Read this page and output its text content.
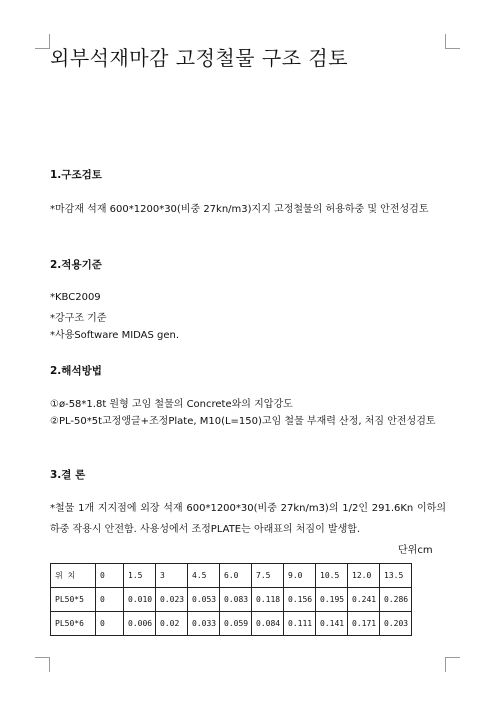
외부석재마감 고정철물 구조 검토
1.구조검토
*마감재 석재 600*1200*30(비중 27kn/m3)지지 고정철물의 허용하중 및 안전성검토
2.적용기준
*KBC2009
*강구조 기준
*사용Software MIDAS gen.
2.해석방법
①ø-58*1.8t 원형 고임 철물의 Concrete와의 지압강도
②PL-50*5t고정앵글+조정Plate, M10(L=150)고임 철물 부재력 산정, 처짐 안전성검토
3.결 론
*철물 1개 지지점에 외장 석재 600*1200*30(비중 27kn/m3)의 1/2인 291.6Kn 이하의 하중 작용시 안전함. 사용성에서 조정PLATE는 아래표의 처짐이 발생함.
단위cm
위 치	0	1.5	3	4.5	6.0	7.5	9.0	10.5	12.0	13.5
PL50*5	0	0.010	0.023	0.053	0.083	0.118	0.156	0.195	0.241	0.286
PL50*6	0	0.006	0.02	0.033	0.059	0.084	0.111	0.141	0.171	0.203
